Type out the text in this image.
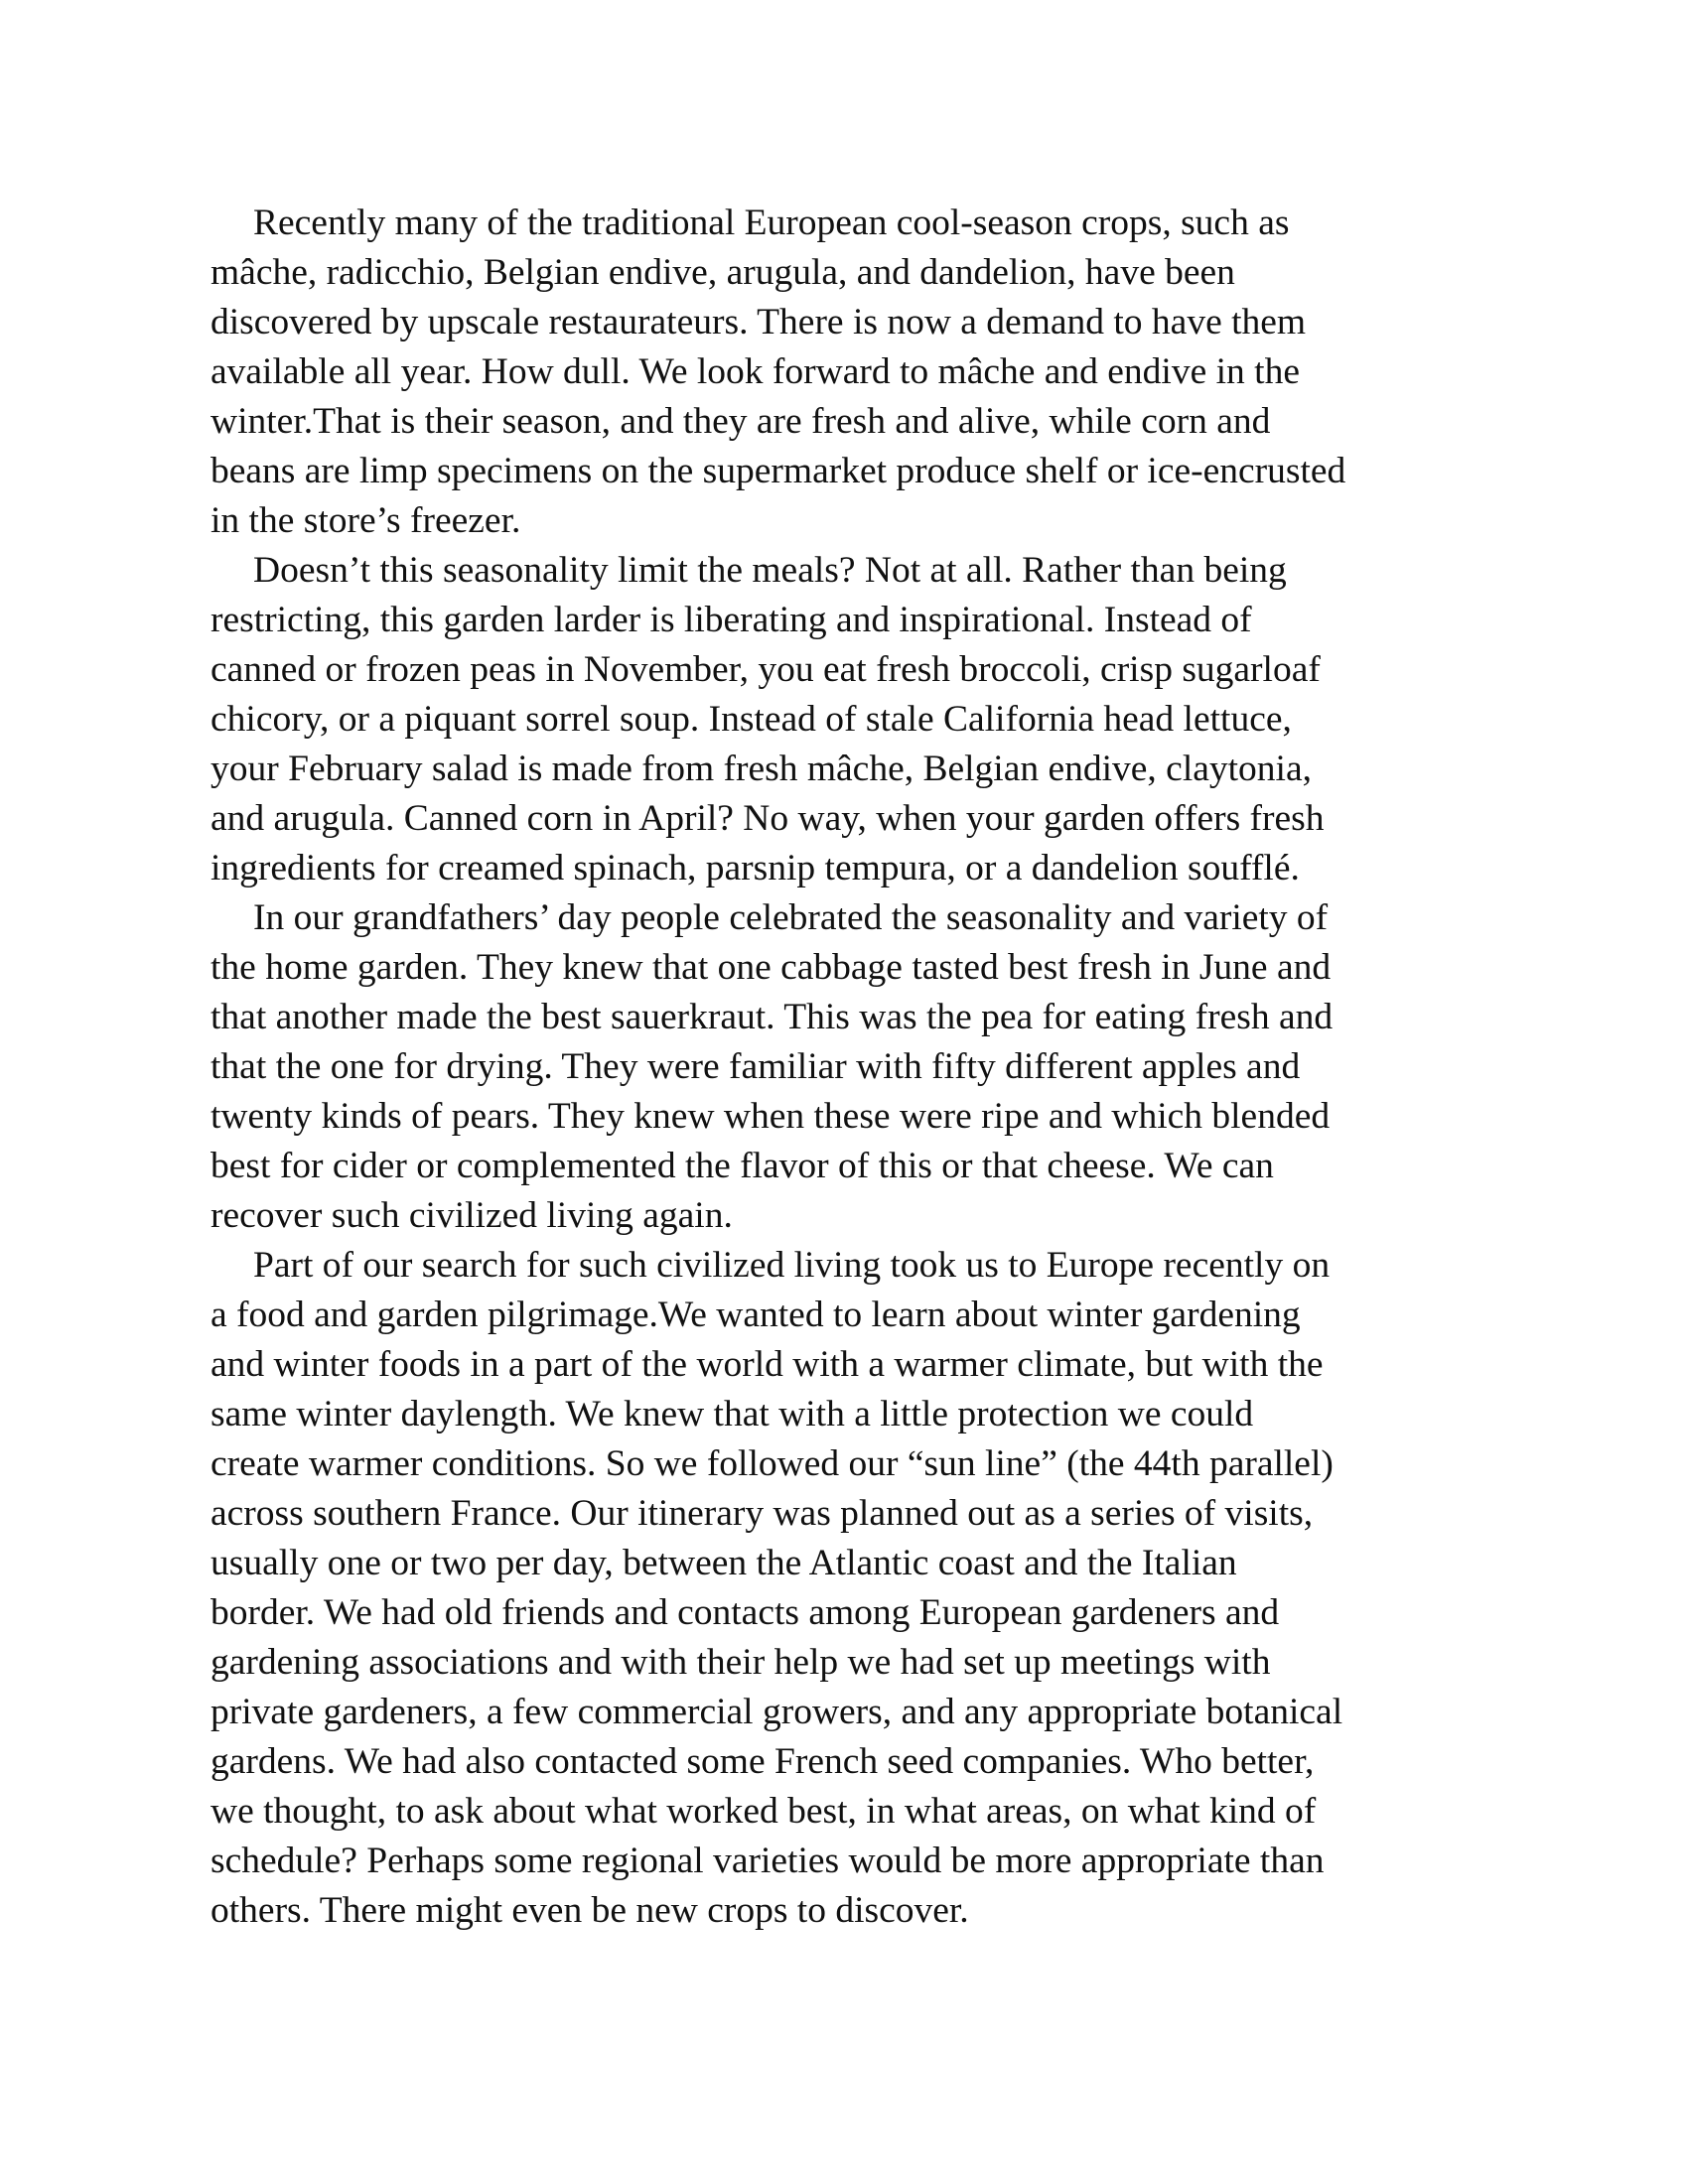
Recently many of the traditional European cool-season crops, such as
mâche, radicchio, Belgian endive, arugula, and dandelion, have been
discovered by upscale restaurateurs. There is now a demand to have them
available all year. How dull. We look forward to mâche and endive in the
winter.That is their season, and they are fresh and alive, while corn and
beans are limp specimens on the supermarket produce shelf or ice-encrusted
in the store’s freezer.
Doesn’t this seasonality limit the meals? Not at all. Rather than being
restricting, this garden larder is liberating and inspirational. Instead of
canned or frozen peas in November, you eat fresh broccoli, crisp sugarloaf
chicory, or a piquant sorrel soup. Instead of stale California head lettuce,
your February salad is made from fresh mâche, Belgian endive, claytonia,
and arugula. Canned corn in April? No way, when your garden offers fresh
ingredients for creamed spinach, parsnip tempura, or a dandelion soufflé.
In our grandfathers’ day people celebrated the seasonality and variety of
the home garden. They knew that one cabbage tasted best fresh in June and
that another made the best sauerkraut. This was the pea for eating fresh and
that the one for drying. They were familiar with fifty different apples and
twenty kinds of pears. They knew when these were ripe and which blended
best for cider or complemented the flavor of this or that cheese. We can
recover such civilized living again.
Part of our search for such civilized living took us to Europe recently on
a food and garden pilgrimage.We wanted to learn about winter gardening
and winter foods in a part of the world with a warmer climate, but with the
same winter daylength. We knew that with a little protection we could
create warmer conditions. So we followed our “sun line” (the 44th parallel)
across southern France. Our itinerary was planned out as a series of visits,
usually one or two per day, between the Atlantic coast and the Italian
border. We had old friends and contacts among European gardeners and
gardening associations and with their help we had set up meetings with
private gardeners, a few commercial growers, and any appropriate botanical
gardens. We had also contacted some French seed companies. Who better,
we thought, to ask about what worked best, in what areas, on what kind of
schedule? Perhaps some regional varieties would be more appropriate than
others. There might even be new crops to discover.
